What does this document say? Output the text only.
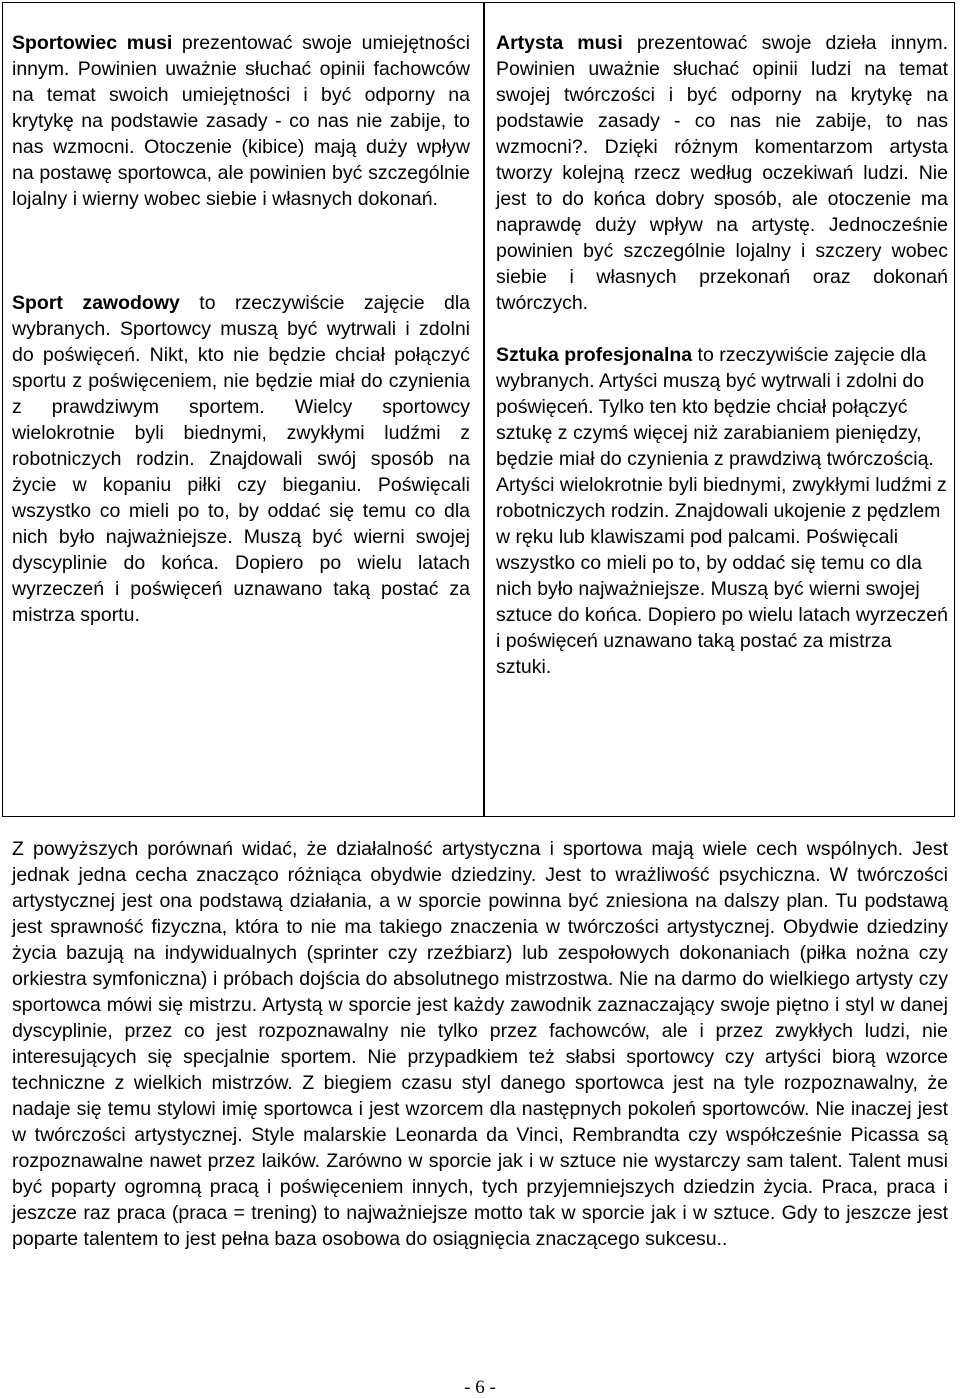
Sportowiec musi prezentować swoje umiejętności innym. Powinien uważnie słuchać opinii fachowców na temat swoich umiejętności i być odporny na krytykę na podstawie zasady - co nas nie zabije, to nas wzmocni. Otoczenie (kibice) mają duży wpływ na postawę sportowca, ale powinien być szczególnie lojalny i wierny wobec siebie i własnych dokonań.

Sport zawodowy to rzeczywiście zajęcie dla wybranych. Sportowcy muszą być wytrwali i zdolni do poświęceń. Nikt, kto nie będzie chciał połączyć sportu z poświęceniem, nie będzie miał do czynienia z prawdziwym sportem. Wielcy sportowcy wielokrotnie byli biednymi, zwykłymi ludźmi z robotniczych rodzin. Znajdowali swój sposób na życie w kopaniu piłki czy bieganiu. Poświęcali wszystko co mieli po to, by oddać się temu co dla nich było najważniejsze. Muszą być wierni swojej dyscyplinie do końca. Dopiero po wielu latach wyrzeczeń i poświęceń uznawano taką postać za mistrza sportu.

Artysta musi prezentować swoje dzieła innym. Powinien uważnie słuchać opinii ludzi na temat swojej twórczości i być odporny na krytykę na podstawie zasady - co nas nie zabije, to nas wzmocni?. Dzięki różnym komentarzom artysta tworzy kolejną rzecz według oczekiwań ludzi. Nie jest to do końca dobry sposób, ale otoczenie ma naprawdę duży wpływ na artystę. Jednocześnie powinien być szczególnie lojalny i szczery wobec siebie i własnych przekonań oraz dokonań twórczych.

Sztuka profesjonalna to rzeczywiście zajęcie dla wybranych. Artyści muszą być wytrwali i zdolni do poświęceń. Tylko ten kto będzie chciał połączyć sztukę z czymś więcej niż zarabianiem pieniędzy, będzie miał do czynienia z prawdziwą twórczością.

Artyści wielokrotnie byli biednymi, zwykłymi ludźmi z robotniczych rodzin. Znajdowali ukojenie z pędzlem w ręku lub klawiszami pod palcami. Poświęcali wszystko co mieli po to, by oddać się temu co dla nich było najważniejsze. Muszą być wierni swojej sztuce do końca. Dopiero po wielu latach wyrzeczeń i poświęceń uznawano taką postać za mistrza sztuki.

Z powyższych porównań widać, że działalność artystyczna i sportowa mają wiele cech wspólnych. Jest jednak jedna cecha znacząco różniąca obydwie dziedziny. Jest to wrażliwość psychiczna. W twórczości artystycznej jest ona podstawą działania, a w sporcie powinna być zniesiona na dalszy plan. Tu podstawą jest sprawność fizyczna, która to nie ma takiego znaczenia w twórczości artystycznej. Obydwie dziedziny życia bazują na indywidualnych (sprinter czy rzeźbiarz) lub zespołowych dokonaniach (piłka nożna czy orkiestra symfoniczna) i próbach dojścia do absolutnego mistrzostwa. Nie na darmo do wielkiego artysty czy sportowca mówi się mistrzu. Artystą w sporcie jest każdy zawodnik zaznaczający swoje piętno i styl w danej dyscyplinie, przez co jest rozpoznawalny nie tylko przez fachowców, ale i przez zwykłych ludzi, nie interesujących się specjalnie sportem. Nie przypadkiem też słabsi sportowcy czy artyści biorą wzorce techniczne z wielkich mistrzów. Z biegiem czasu styl danego sportowca jest na tyle rozpoznawalny, że nadaje się temu stylowi imię sportowca i jest wzorcem dla następnych pokoleń sportowców. Nie inaczej jest w twórczości artystycznej. Style malarskie Leonarda da Vinci, Rembrandta czy współcześnie Picassa są rozpoznawalne nawet przez laików. Zarówno w sporcie jak i w sztuce nie wystarczy sam talent. Talent musi być poparty ogromną pracą i poświęceniem innych, tych przyjemniejszych dziedzin życia. Praca, praca i jeszcze raz praca (praca = trening) to najważniejsze motto tak w sporcie jak i w sztuce. Gdy to jeszcze jest poparte talentem to jest pełna baza osobowa do osiągnięcia znaczącego sukcesu..

- 6 -
